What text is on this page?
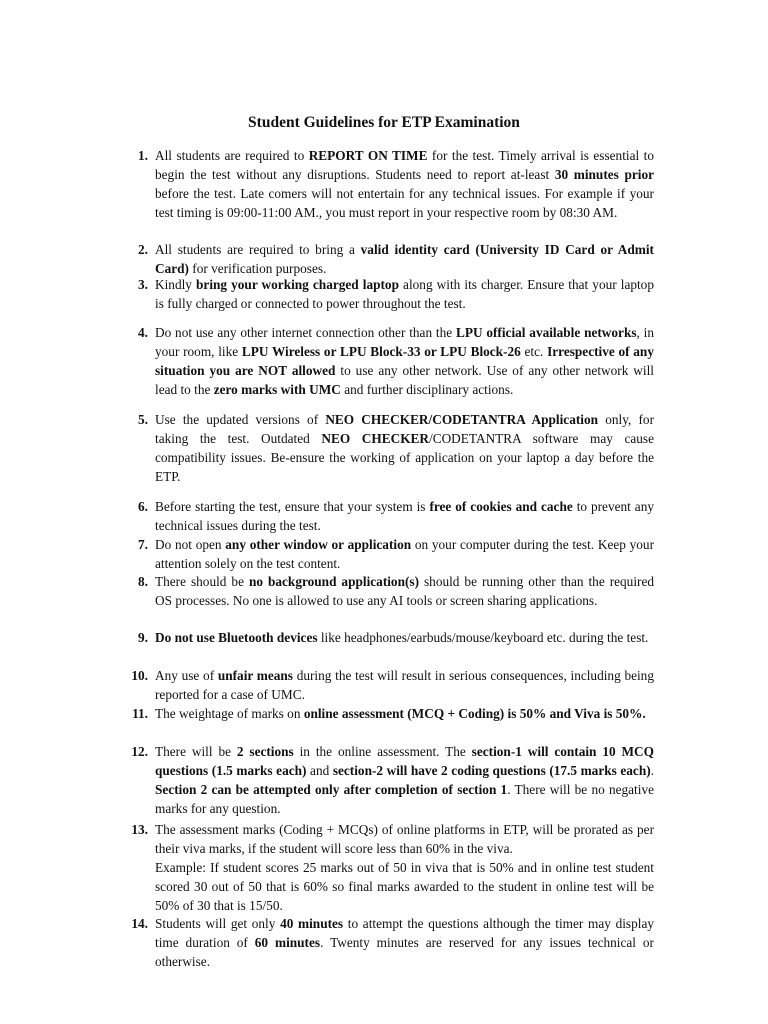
Student Guidelines for ETP Examination
1. All students are required to REPORT ON TIME for the test. Timely arrival is essential to begin the test without any disruptions. Students need to report at-least 30 minutes prior before the test. Late comers will not entertain for any technical issues. For example if your test timing is 09:00-11:00 AM., you must report in your respective room by 08:30 AM.
2. All students are required to bring a valid identity card (University ID Card or Admit Card) for verification purposes.
3. Kindly bring your working charged laptop along with its charger. Ensure that your laptop is fully charged or connected to power throughout the test.
4. Do not use any other internet connection other than the LPU official available networks, in your room, like LPU Wireless or LPU Block-33 or LPU Block-26 etc. Irrespective of any situation you are NOT allowed to use any other network. Use of any other network will lead to the zero marks with UMC and further disciplinary actions.
5. Use the updated versions of NEO CHECKER/CODETANTRA Application only, for taking the test. Outdated NEO CHECKER/CODETANTRA software may cause compatibility issues. Be-ensure the working of application on your laptop a day before the ETP.
6. Before starting the test, ensure that your system is free of cookies and cache to prevent any technical issues during the test.
7. Do not open any other window or application on your computer during the test. Keep your attention solely on the test content.
8. There should be no background application(s) should be running other than the required OS processes. No one is allowed to use any AI tools or screen sharing applications.
9. Do not use Bluetooth devices like headphones/earbuds/mouse/keyboard etc. during the test.
10. Any use of unfair means during the test will result in serious consequences, including being reported for a case of UMC.
11. The weightage of marks on online assessment (MCQ + Coding) is 50% and Viva is 50%.
12. There will be 2 sections in the online assessment. The section-1 will contain 10 MCQ questions (1.5 marks each) and section-2 will have 2 coding questions (17.5 marks each). Section 2 can be attempted only after completion of section 1. There will be no negative marks for any question.
13. The assessment marks (Coding + MCQs) of online platforms in ETP, will be prorated as per their viva marks, if the student will score less than 60% in the viva.
Example: If student scores 25 marks out of 50 in viva that is 50% and in online test student scored 30 out of 50 that is 60% so final marks awarded to the student in online test will be 50% of 30 that is 15/50.
14. Students will get only 40 minutes to attempt the questions although the timer may display time duration of 60 minutes. Twenty minutes are reserved for any issues technical or otherwise.
